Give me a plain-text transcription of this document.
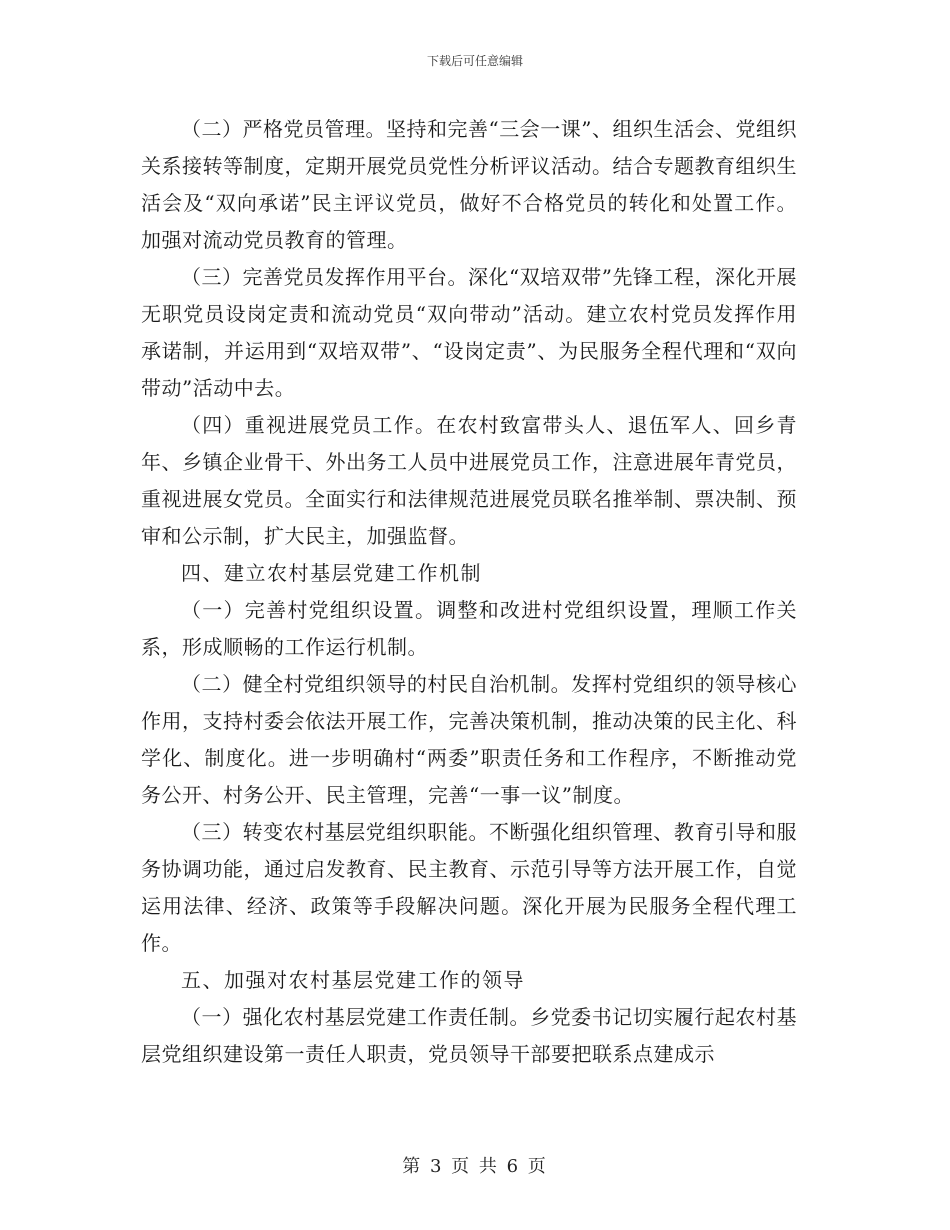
下载后可任意编辑

（二）严格党员管理。坚持和完善“三会一课”、组织生活会、党组织关系接转等制度，定期开展党员党性分析评议活动。结合专题教育组织生活会及“双向承诺”民主评议党员，做好不合格党员的转化和处置工作。加强对流动党员教育的管理。

（三）完善党员发挥作用平台。深化“双培双带”先锋工程，深化开展无职党员设岗定责和流动党员“双向带动”活动。建立农村党员发挥作用承诺制，并运用到“双培双带”、“设岗定责”、为民服务全程代理和“双向带动”活动中去。

（四）重视进展党员工作。在农村致富带头人、退伍军人、回乡青年、乡镇企业骨干、外出务工人员中进展党员工作，注意进展年青党员，重视进展女党员。全面实行和法律规范进展党员联名推举制、票决制、预审和公示制，扩大民主，加强监督。

四、建立农村基层党建工作机制

（一）完善村党组织设置。调整和改进村党组织设置，理顺工作关系，形成顺畅的工作运行机制。

（二）健全村党组织领导的村民自治机制。发挥村党组织的领导核心作用，支持村委会依法开展工作，完善决策机制，推动决策的民主化、科学化、制度化。进一步明确村“两委”职责任务和工作程序，不断推动党务公开、村务公开、民主管理，完善“一事一议”制度。

（三）转变农村基层党组织职能。不断强化组织管理、教育引导和服务协调功能，通过启发教育、民主教育、示范引导等方法开展工作，自觉运用法律、经济、政策等手段解决问题。深化开展为民服务全程代理工作。

五、加强对农村基层党建工作的领导

（一）强化农村基层党建工作责任制。乡党委书记切实履行起农村基层党组织建设第一责任人职责，党员领导干部要把联系点建成示

第 3 页 共 6 页
